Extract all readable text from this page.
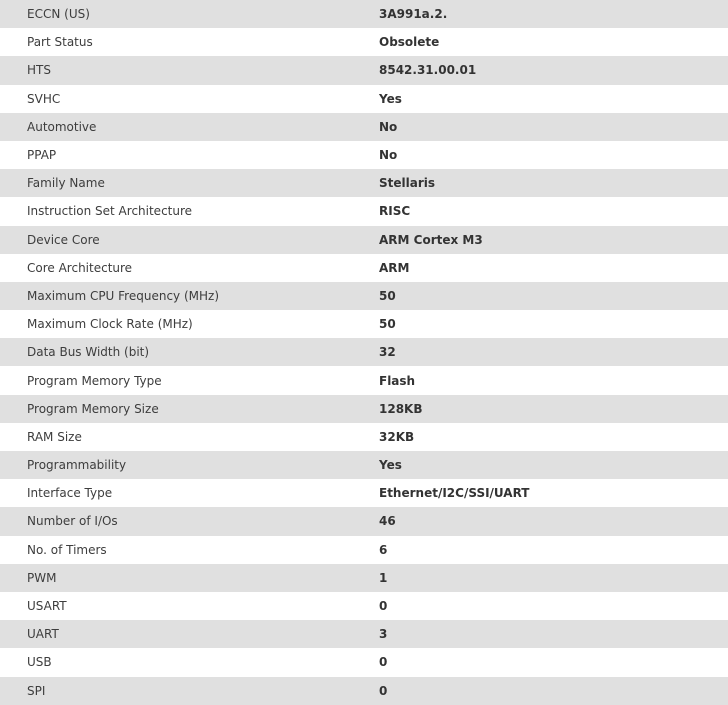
ECCN (US)	3A991a.2.
Part Status	Obsolete
HTS	8542.31.00.01
SVHC	Yes
Automotive	No
PPAP	No
Family Name	Stellaris
Instruction Set Architecture	RISC
Device Core	ARM Cortex M3
Core Architecture	ARM
Maximum CPU Frequency (MHz)	50
Maximum Clock Rate (MHz)	50
Data Bus Width (bit)	32
Program Memory Type	Flash
Program Memory Size	128KB
RAM Size	32KB
Programmability	Yes
Interface Type	Ethernet/I2C/SSI/UART
Number of I/Os	46
No. of Timers	6
PWM	1
USART	0
UART	3
USB	0
SPI	0
